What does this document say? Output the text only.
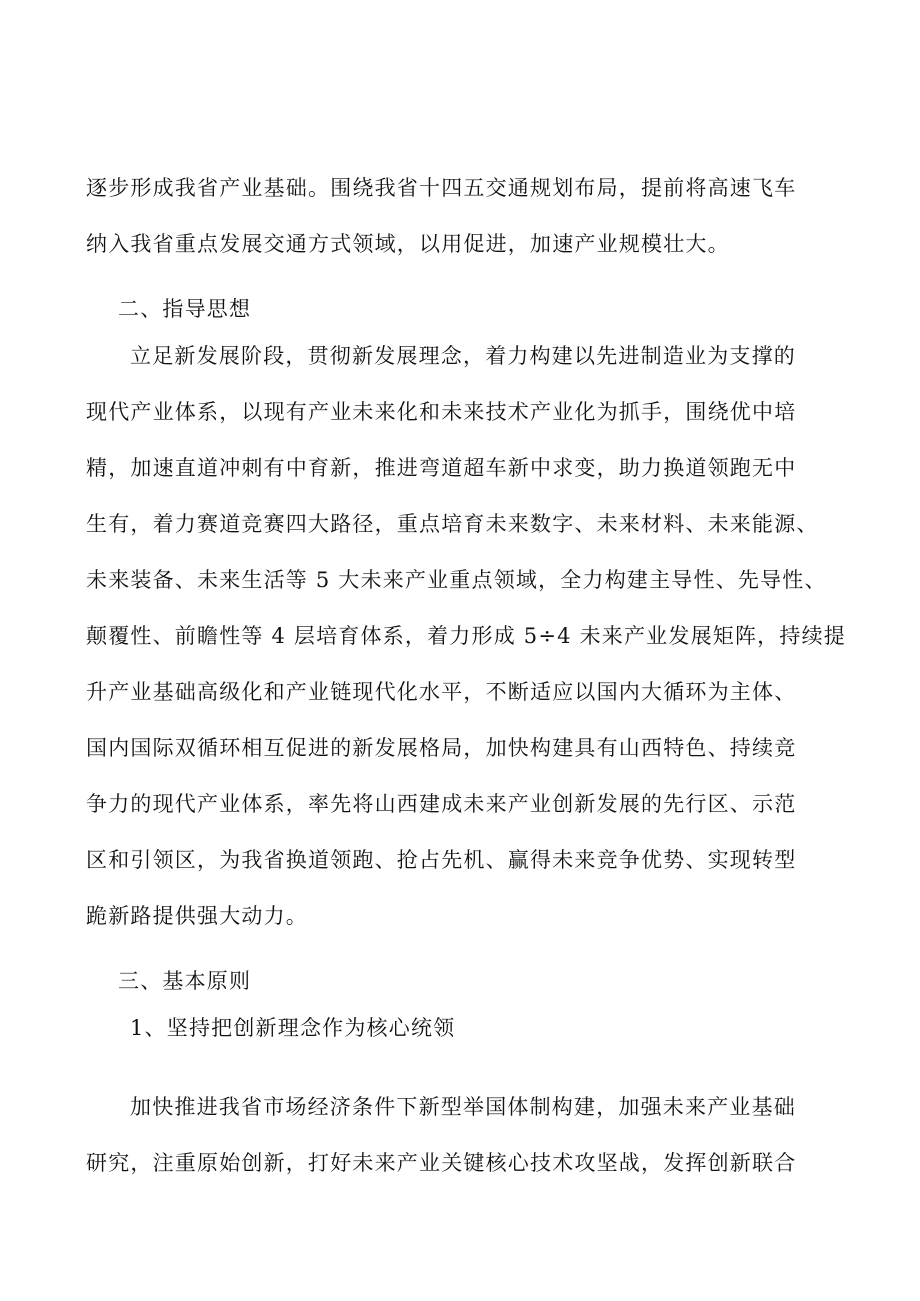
逐步形成我省产业基础。围绕我省十四五交通规划布局，提前将高速飞车
纳入我省重点发展交通方式领域，以用促进，加速产业规模壮大。
二、指导思想
立足新发展阶段，贯彻新发展理念，着力构建以先进制造业为支撑的
现代产业体系，以现有产业未来化和未来技术产业化为抓手，围绕优中培
精，加速直道冲刺有中育新，推进弯道超车新中求变，助力换道领跑无中
生有，着力赛道竞赛四大路径，重点培育未来数字、未来材料、未来能源、
未来装备、未来生活等 5 大未来产业重点领域，全力构建主导性、先导性、
颠覆性、前瞻性等 4 层培育体系，着力形成 5÷4 未来产业发展矩阵，持续提
升产业基础高级化和产业链现代化水平，不断适应以国内大循环为主体、
国内国际双循环相互促进的新发展格局，加快构建具有山西特色、持续竞
争力的现代产业体系，率先将山西建成未来产业创新发展的先行区、示范
区和引领区，为我省换道领跑、抢占先机、赢得未来竞争优势、实现转型
跪新路提供强大动力。
三、基本原则
1、坚持把创新理念作为核心统领
加快推进我省市场经济条件下新型举国体制构建，加强未来产业基础
研究，注重原始创新，打好未来产业关键核心技术攻坚战，发挥创新联合
